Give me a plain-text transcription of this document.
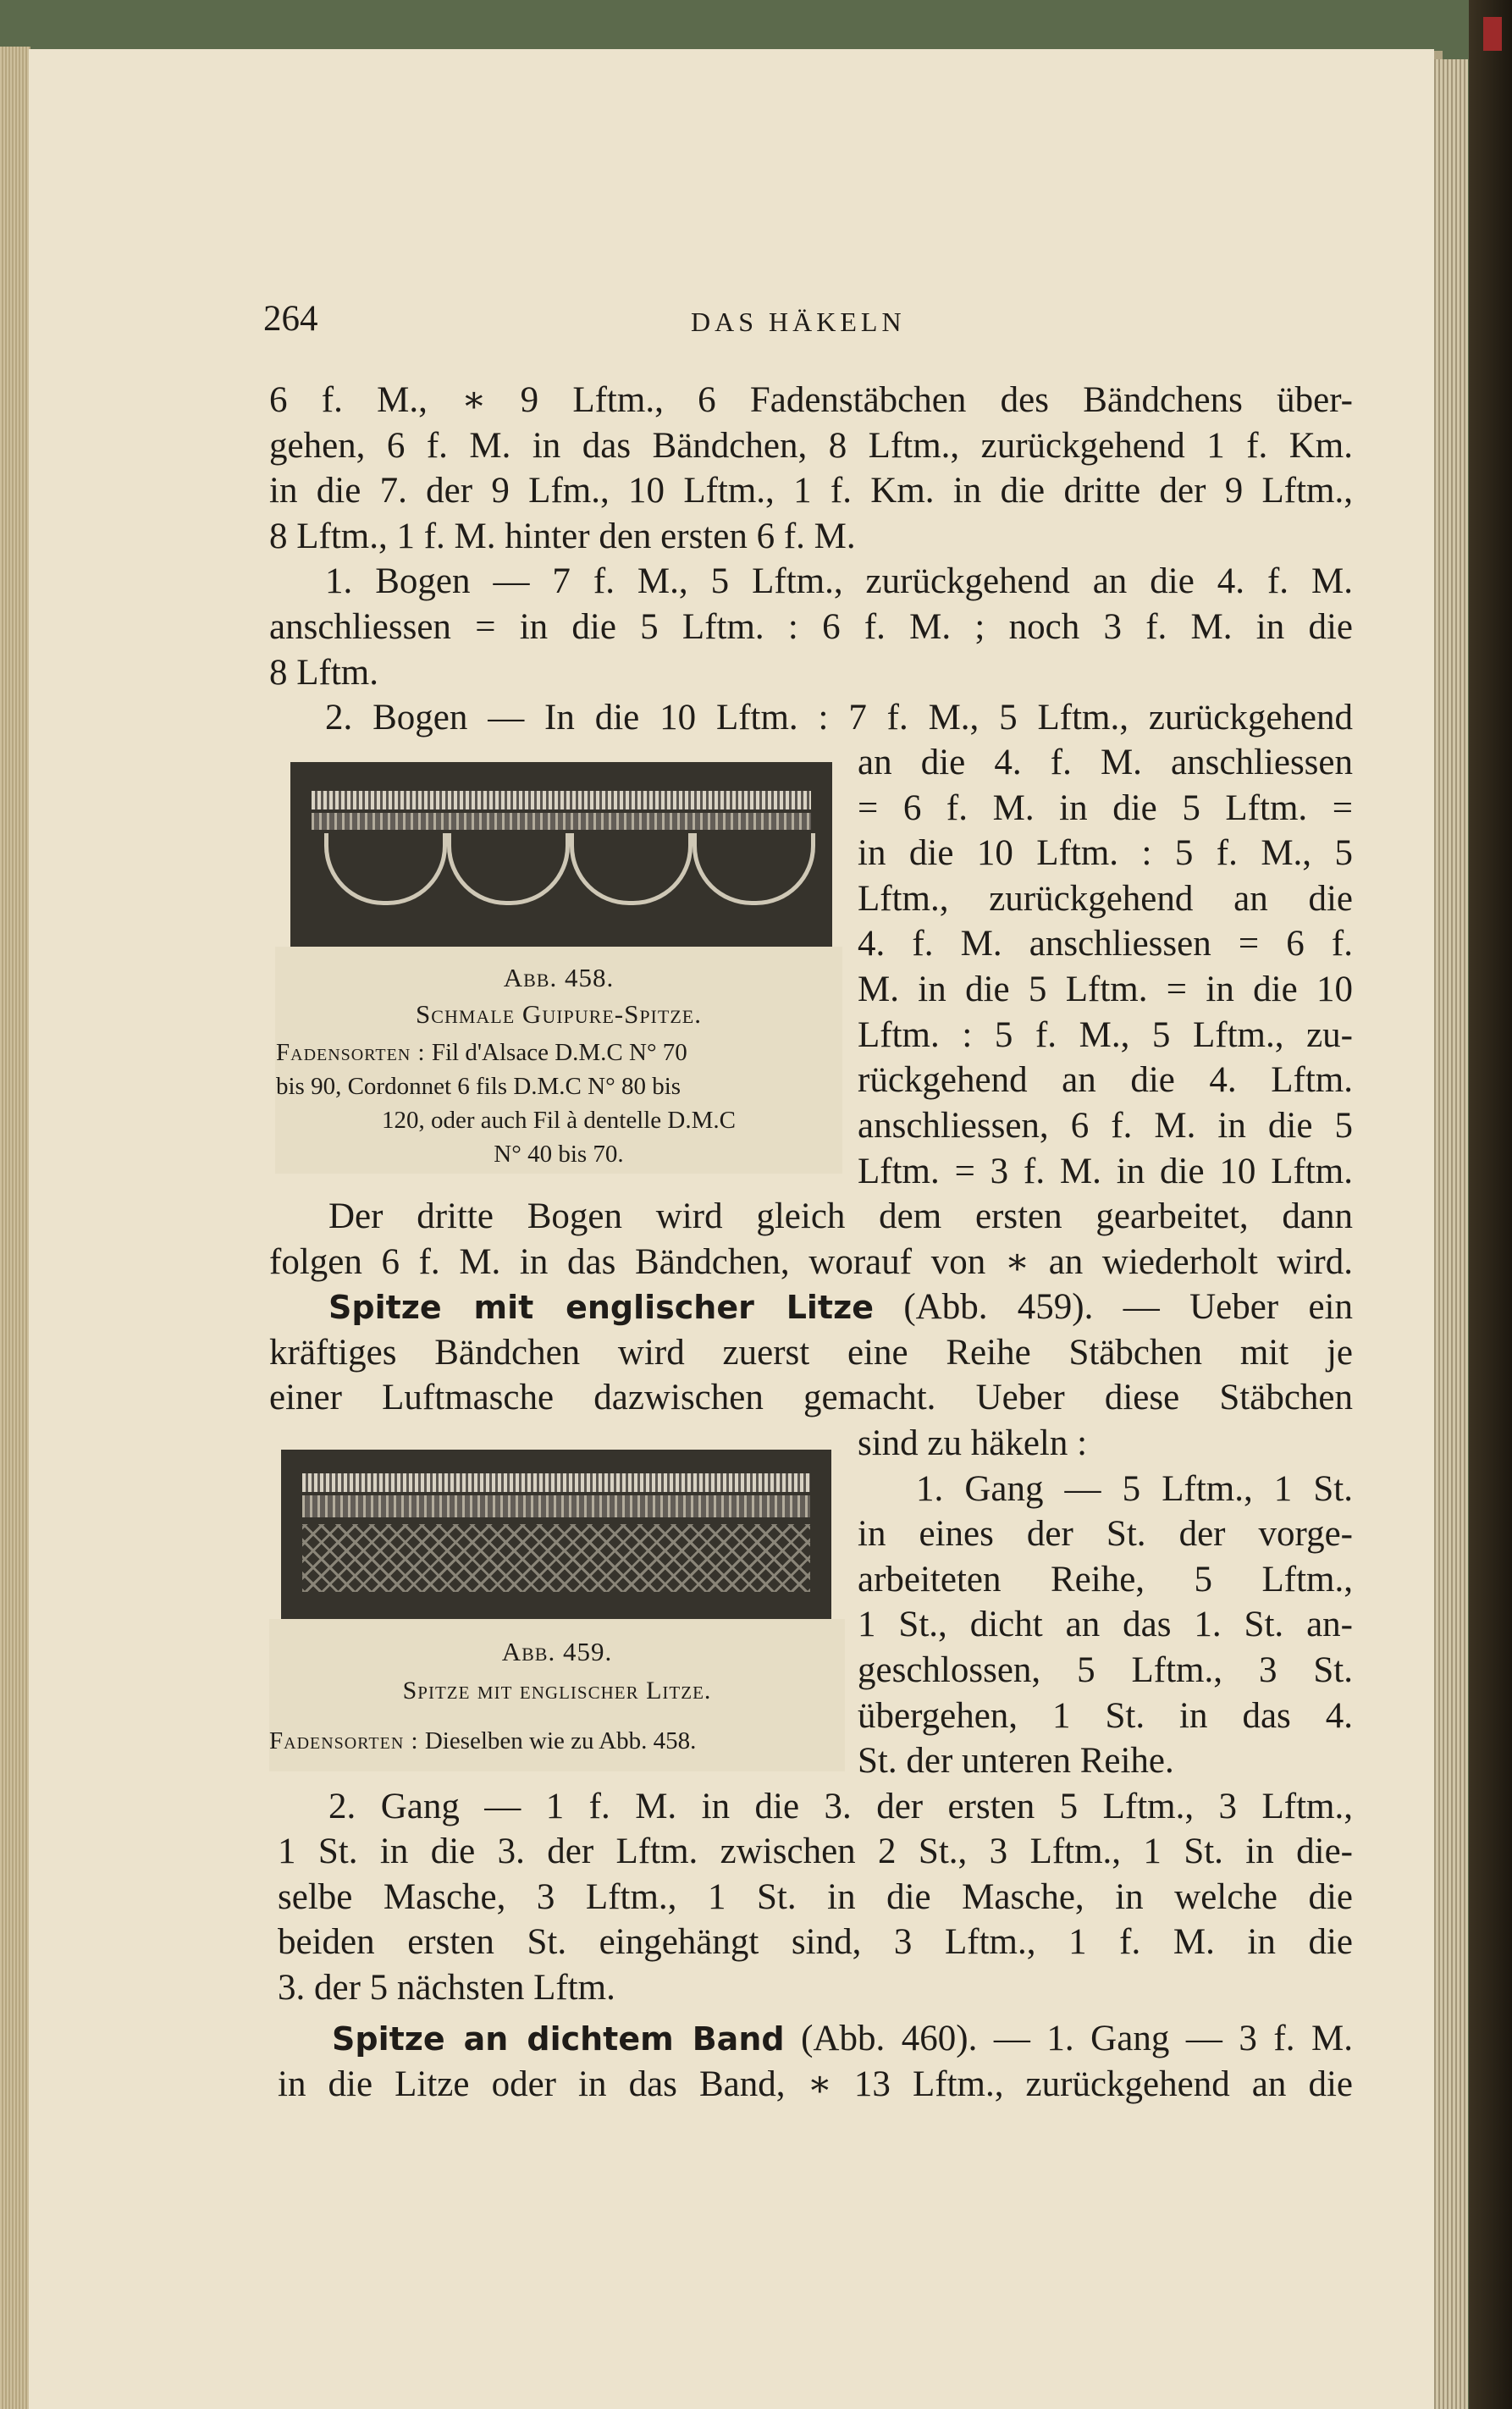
264	DAS HÄKELN
6 f. M., ∗ 9 Lftm., 6 Fadenstäbchen des Bändchens über-
gehen, 6 f. M. in das Bändchen, 8 Lftm., zurückgehend 1 f. Km.
in die 7. der 9 Lfm., 10 Lftm., 1 f. Km. in die dritte der 9 Lftm.,
8 Lftm., 1 f. M. hinter den ersten 6 f. M.
1. Bogen — 7 f. M., 5 Lftm., zurückgehend an die 4. f. M.
anschliessen = in die 5 Lftm. : 6 f. M. ; noch 3 f. M. in die
8 Lftm.
2. Bogen — In die 10 Lftm. : 7 f. M., 5 Lftm., zurückgehend
Abb. 458.
Schmale Guipure-Spitze.
Fadensorten : Fil d'Alsace D.M.C N° 70
bis 90, Cordonnet 6 fils D.M.C N° 80 bis
120, oder auch Fil à dentelle D.M.C
N° 40 bis 70.
an die 4. f. M. anschliessen
= 6 f. M. in die 5 Lftm. =
in die 10 Lftm. : 5 f. M., 5
Lftm., zurückgehend an die
4. f. M. anschliessen = 6 f.
M. in die 5 Lftm. = in die 10
Lftm. : 5 f. M., 5 Lftm., zu-
rückgehend an die 4. Lftm.
anschliessen, 6 f. M. in die 5
Lftm. = 3 f. M. in die 10 Lftm.
Der dritte Bogen wird gleich dem ersten gearbeitet, dann
folgen 6 f. M. in das Bändchen, worauf von ∗ an wiederholt wird.
Spitze mit englischer Litze (Abb. 459). — Ueber ein
kräftiges Bändchen wird zuerst eine Reihe Stäbchen mit je
einer Luftmasche dazwischen gemacht. Ueber diese Stäbchen
Abb. 459.
Spitze mit englischer Litze.
Fadensorten : Dieselben wie zu Abb. 458.
sind zu häkeln :
1. Gang — 5 Lftm., 1 St.
in eines der St. der vorge-
arbeiteten Reihe, 5 Lftm.,
1 St., dicht an das 1. St. an-
geschlossen, 5 Lftm., 3 St.
übergehen, 1 St. in das 4.
St. der unteren Reihe.
2. Gang — 1 f. M. in die 3. der ersten 5 Lftm., 3 Lftm.,
1 St. in die 3. der Lftm. zwischen 2 St., 3 Lftm., 1 St. in die-
selbe Masche, 3 Lftm., 1 St. in die Masche, in welche die
beiden ersten St. eingehängt sind, 3 Lftm., 1 f. M. in die
3. der 5 nächsten Lftm.
Spitze an dichtem Band (Abb. 460). — 1. Gang — 3 f. M.
in die Litze oder in das Band, ∗ 13 Lftm., zurückgehend an die
